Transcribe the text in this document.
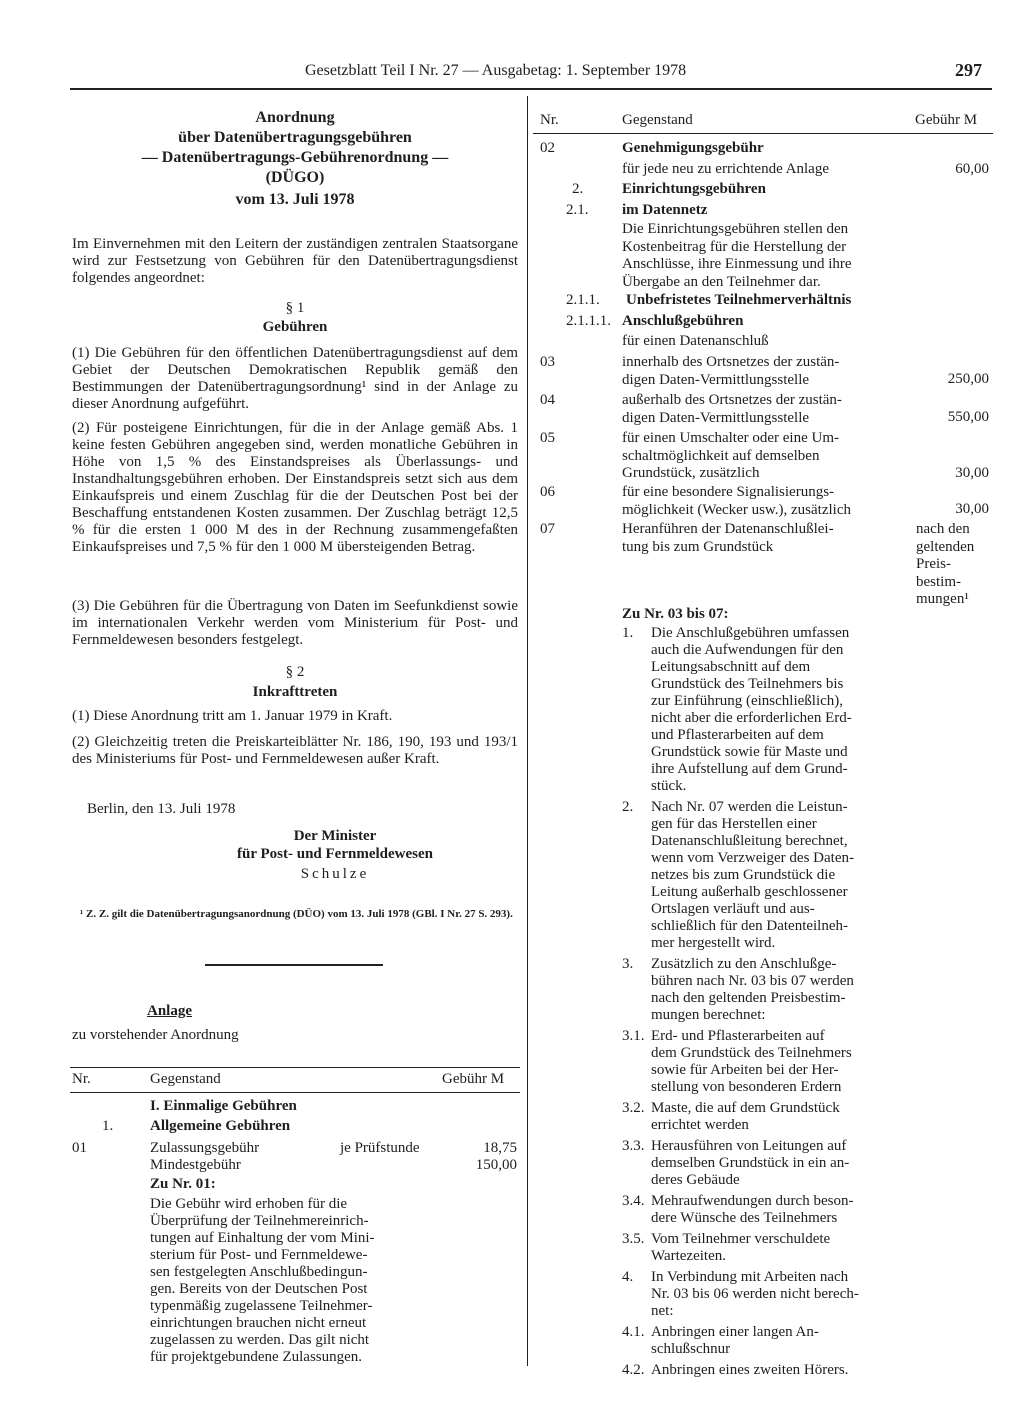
Gesetzblatt Teil I Nr. 27 — Ausgabetag: 1. September 1978	297
Anordnung
über Datenübertragungsgebühren
— Datenübertragungs-Gebührenordnung —
(DÜGO)
vom 13. Juli 1978
Im Einvernehmen mit den Leitern der zuständigen zentralen Staatsorgane wird zur Festsetzung von Gebühren für den Datenübertragungsdienst folgendes angeordnet:
§ 1
Gebühren
(1) Die Gebühren für den öffentlichen Datenübertragungsdienst auf dem Gebiet der Deutschen Demokratischen Republik gemäß den Bestimmungen der Datenübertragungsordnung¹ sind in der Anlage zu dieser Anordnung aufgeführt.
(2) Für posteigene Einrichtungen, für die in der Anlage gemäß Abs. 1 keine festen Gebühren angegeben sind, werden monatliche Gebühren in Höhe von 1,5 % des Einstandspreises als Überlassungs- und Instandhaltungsgebühren erhoben. Der Einstandspreis setzt sich aus dem Einkaufspreis und einem Zuschlag für die der Deutschen Post bei der Beschaffung entstandenen Kosten zusammen. Der Zuschlag beträgt 12,5 % für die ersten 1 000 M des in der Rechnung zusammengefaßten Einkaufspreises und 7,5 % für den 1 000 M übersteigenden Betrag.
(3) Die Gebühren für die Übertragung von Daten im Seefunkdienst sowie im internationalen Verkehr werden vom Ministerium für Post- und Fernmeldewesen besonders festgelegt.
§ 2
Inkrafttreten
(1) Diese Anordnung tritt am 1. Januar 1979 in Kraft.
(2) Gleichzeitig treten die Preiskarteiblätter Nr. 186, 190, 193 und 193/1 des Ministeriums für Post- und Fernmeldewesen außer Kraft.
Berlin, den 13. Juli 1978
Der Minister
für Post- und Fernmeldewesen
Schulze
¹ Z. Z. gilt die Datenübertragungsanordnung (DÜO) vom 13. Juli 1978 (GBl. I Nr. 27 S. 293).
Anlage
zu vorstehender Anordnung
Nr.	Gegenstand	Gebühr M
I. Einmalige Gebühren
1. Allgemeine Gebühren
01	Zulassungsgebühr	je Prüfstunde	18,75
Mindestgebühr	150,00
Zu Nr. 01:
Die Gebühr wird erhoben für die
Überprüfung der Teilnehmereinrich-
tungen auf Einhaltung der vom Mini-
sterium für Post- und Fernmeldewe-
sen festgelegten Anschlußbedingun-
gen. Bereits von der Deutschen Post
typenmäßig zugelassene Teilnehmer-
einrichtungen brauchen nicht erneut
zugelassen zu werden. Das gilt nicht
für projektgebundene Zulassungen.
Nr.	Gegenstand	Gebühr M
02	Genehmigungsgebühr
für jede neu zu errichtende Anlage	60,00
2.	Einrichtungsgebühren
2.1. im Datennetz
Die Einrichtungsgebühren stellen den
Kostenbeitrag für die Herstellung der
Anschlüsse, ihre Einmessung und ihre
Übergabe an den Teilnehmer dar.
2.1.1. Unbefristetes Teilnehmerverhältnis
2.1.1.1. Anschlußgebühren
für einen Datenanschluß
03	innerhalb des Ortsnetzes der zustän-
digen Daten-Vermittlungsstelle	250,00
04	außerhalb des Ortsnetzes der zustän-
digen Daten-Vermittlungsstelle	550,00
05	für einen Umschalter oder eine Um-
schaltmöglichkeit auf demselben
Grundstück, zusätzlich	30,00
06	für eine besondere Signalisierungs-
möglichkeit (Wecker usw.), zusätzlich	30,00
07	Heranführen der Datenanschlußlei-
tung bis zum Grundstück
nach den
geltenden
Preis-
bestim-
mungen¹
Zu Nr. 03 bis 07:
1. Die Anschlußgebühren umfassen
auch die Aufwendungen für den
Leitungsabschnitt auf dem
Grundstück des Teilnehmers bis
zur Einführung (einschließlich),
nicht aber die erforderlichen Erd-
und Pflasterarbeiten auf dem
Grundstück sowie für Maste und
ihre Aufstellung auf dem Grund-
stück.
2. Nach Nr. 07 werden die Leistun-
gen für das Herstellen einer
Datenanschlußleitung berechnet,
wenn vom Verzweiger des Daten-
netzes bis zum Grundstück die
Leitung außerhalb geschlossener
Ortslagen verläuft und aus-
schließlich für den Datenteilneh-
mer hergestellt wird.
3. Zusätzlich zu den Anschlußge-
bühren nach Nr. 03 bis 07 werden
nach den geltenden Preisbestim-
mungen berechnet:
3.1. Erd- und Pflasterarbeiten auf
dem Grundstück des Teilnehmers
sowie für Arbeiten bei der Her-
stellung von besonderen Erdern
3.2. Maste, die auf dem Grundstück
errichtet werden
3.3. Herausführen von Leitungen auf
demselben Grundstück in ein an-
deres Gebäude
3.4. Mehraufwendungen durch beson-
dere Wünsche des Teilnehmers
3.5. Vom Teilnehmer verschuldete
Wartezeiten.
4. In Verbindung mit Arbeiten nach
Nr. 03 bis 06 werden nicht berech-
net:
4.1. Anbringen einer langen An-
schlußschnur
4.2. Anbringen eines zweiten Hörers.
